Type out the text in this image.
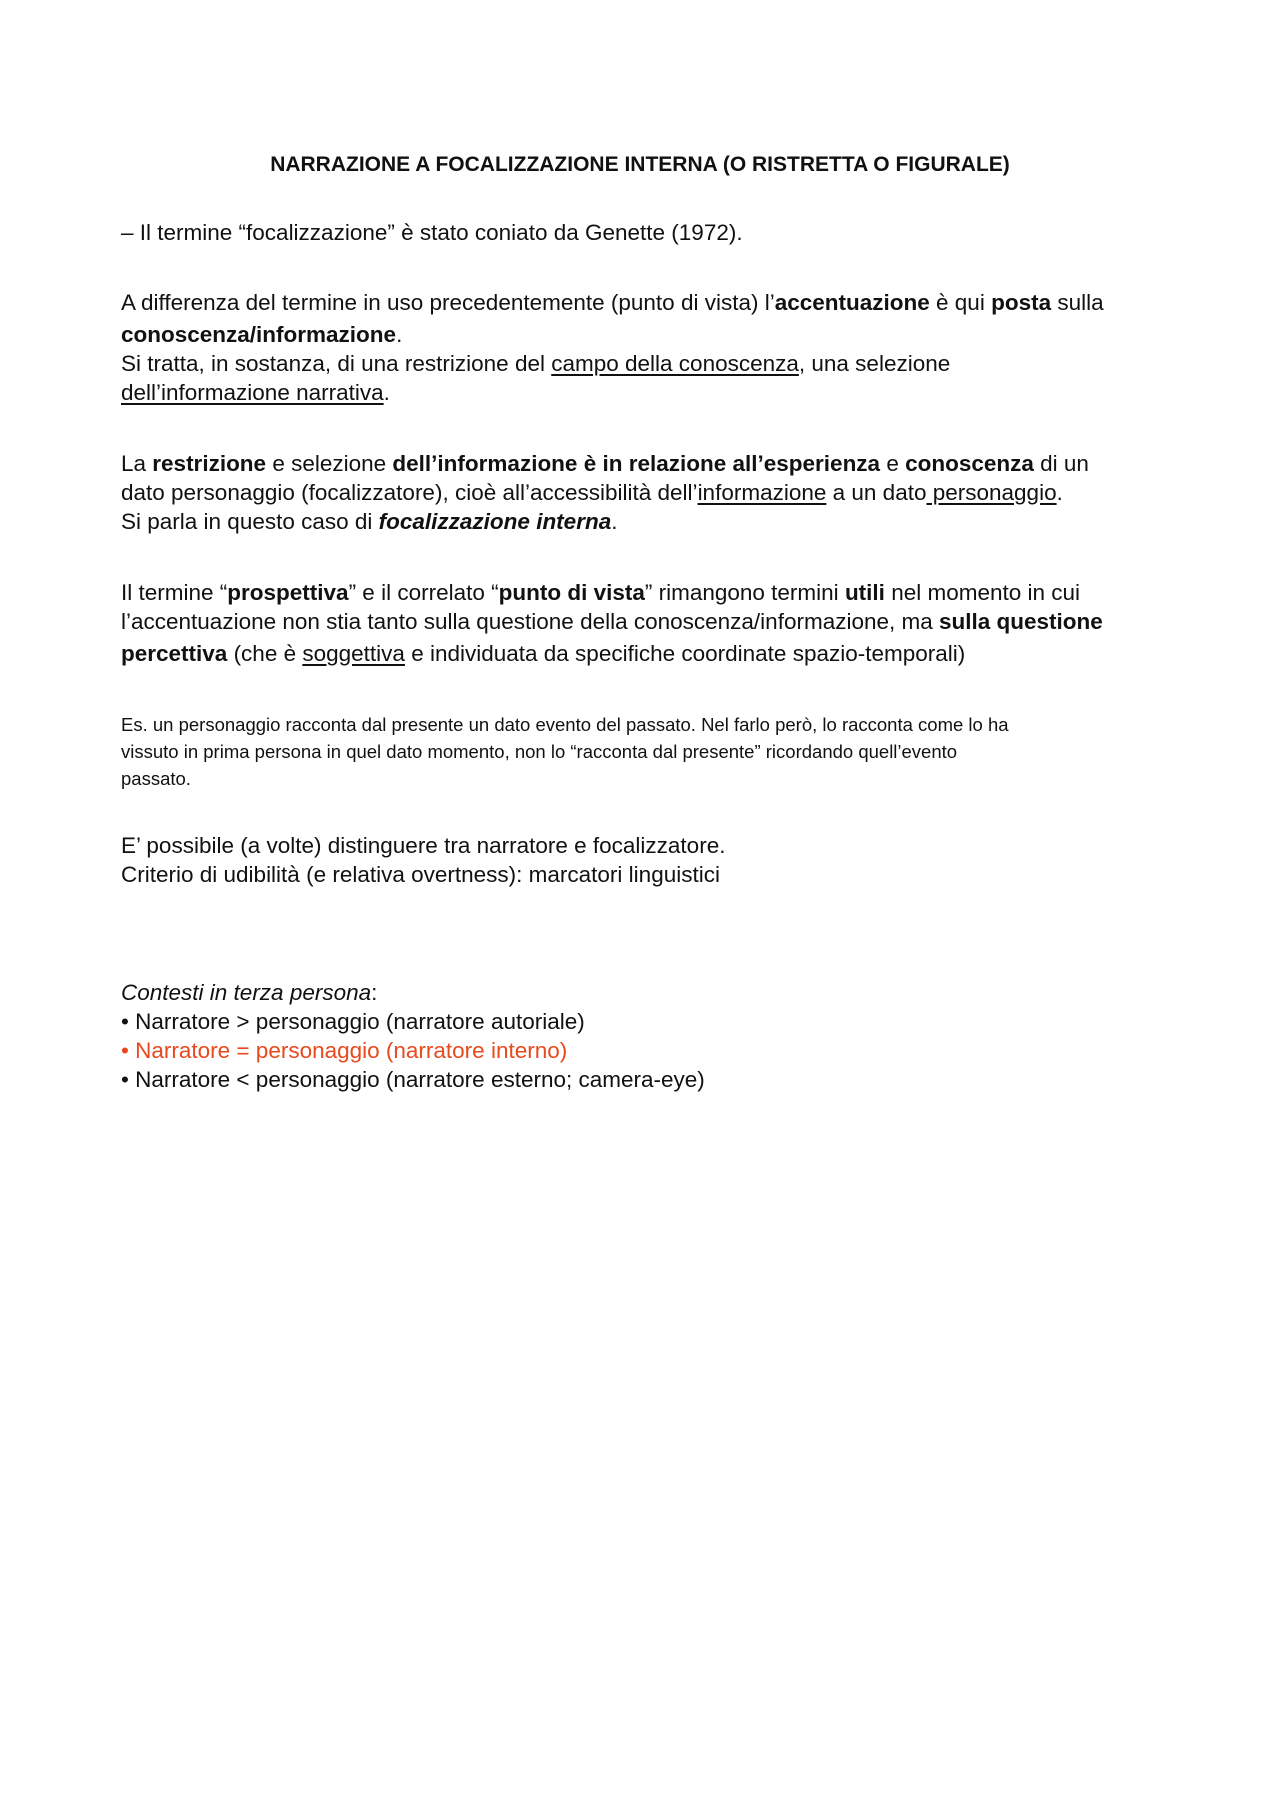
NARRAZIONE A FOCALIZZAZIONE INTERNA (O RISTRETTA O FIGURALE)
– Il termine “focalizzazione” è stato coniato da Genette (1972).
A differenza del termine in uso precedentemente (punto di vista) l’accentuazione è qui posta sulla
conoscenza/informazione.
Si tratta, in sostanza, di una restrizione del campo della conoscenza, una selezione
dell’informazione narrativa.
La restrizione e selezione dell’informazione è in relazione all’esperienza e conoscenza di un
dato personaggio (focalizzatore), cioè all’accessibilità dell’informazione a un dato personaggio.
Si parla in questo caso di focalizzazione interna.
Il termine “prospettiva” e il correlato “punto di vista” rimangono termini utili nel momento in cui
l’accentuazione non stia tanto sulla questione della conoscenza/informazione, ma sulla questione
percettiva (che è soggettiva e individuata da specifiche coordinate spazio-temporali)
Es. un personaggio racconta dal presente un dato evento del passato. Nel farlo però, lo racconta come lo ha
vissuto in prima persona in quel dato momento, non lo “racconta dal presente” ricordando quell’evento
passato.
E’ possibile (a volte) distinguere tra narratore e focalizzatore.
Criterio di udibilità (e relativa overtness): marcatori linguistici
Contesti in terza persona:
• Narratore > personaggio (narratore autoriale)
• Narratore = personaggio (narratore interno)
• Narratore < personaggio (narratore esterno; camera-eye)
